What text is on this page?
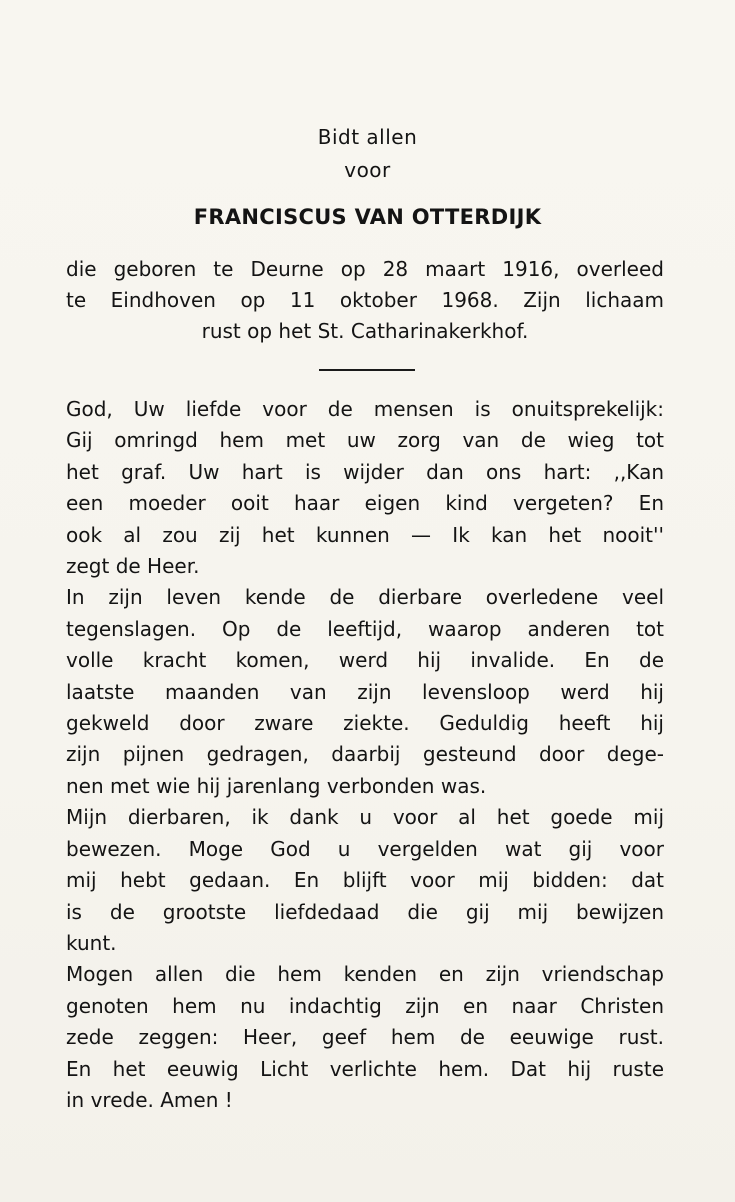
Bidt allen
voor
FRANCISCUS VAN OTTERDIJK
die geboren te Deurne op 28 maart 1916, overleed
te Eindhoven op 11 oktober 1968. Zijn lichaam
rust op het St. Catharinakerkhof.
God, Uw liefde voor de mensen is onuitsprekelijk:
Gij omringd hem met uw zorg van de wieg tot
het graf. Uw hart is wijder dan ons hart: ,,Kan
een moeder ooit haar eigen kind vergeten? En
ook al zou zij het kunnen — Ik kan het nooit''
zegt de Heer.
In zijn leven kende de dierbare overledene veel
tegenslagen. Op de leeftijd, waarop anderen tot
volle kracht komen, werd hij invalide. En de
laatste maanden van zijn levensloop werd hij
gekweld door zware ziekte. Geduldig heeft hij
zijn pijnen gedragen, daarbij gesteund door dege-
nen met wie hij jarenlang verbonden was.
Mijn dierbaren, ik dank u voor al het goede mij
bewezen. Moge God u vergelden wat gij voor
mij hebt gedaan. En blijft voor mij bidden: dat
is de grootste liefdedaad die gij mij bewijzen
kunt.
Mogen allen die hem kenden en zijn vriendschap
genoten hem nu indachtig zijn en naar Christen
zede zeggen: Heer, geef hem de eeuwige rust.
En het eeuwig Licht verlichte hem. Dat hij ruste
in vrede. Amen !
